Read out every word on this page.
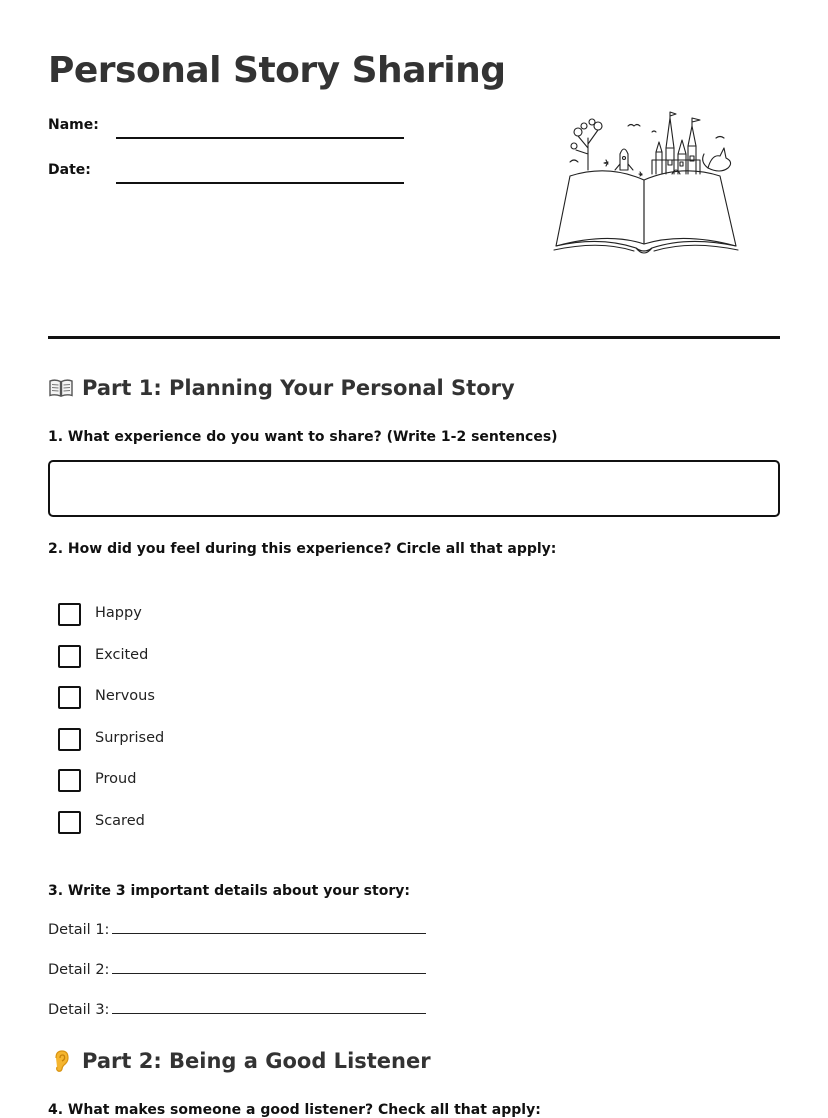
Personal Story Sharing
Name:
Date:
Part 1: Planning Your Personal Story
1. What experience do you want to share? (Write 1-2 sentences)
2. How did you feel during this experience? Circle all that apply:
Happy
Excited
Nervous
Surprised
Proud
Scared
3. Write 3 important details about your story:
Detail 1:
Detail 2:
Detail 3:
Part 2: Being a Good Listener
4. What makes someone a good listener? Check all that apply:
